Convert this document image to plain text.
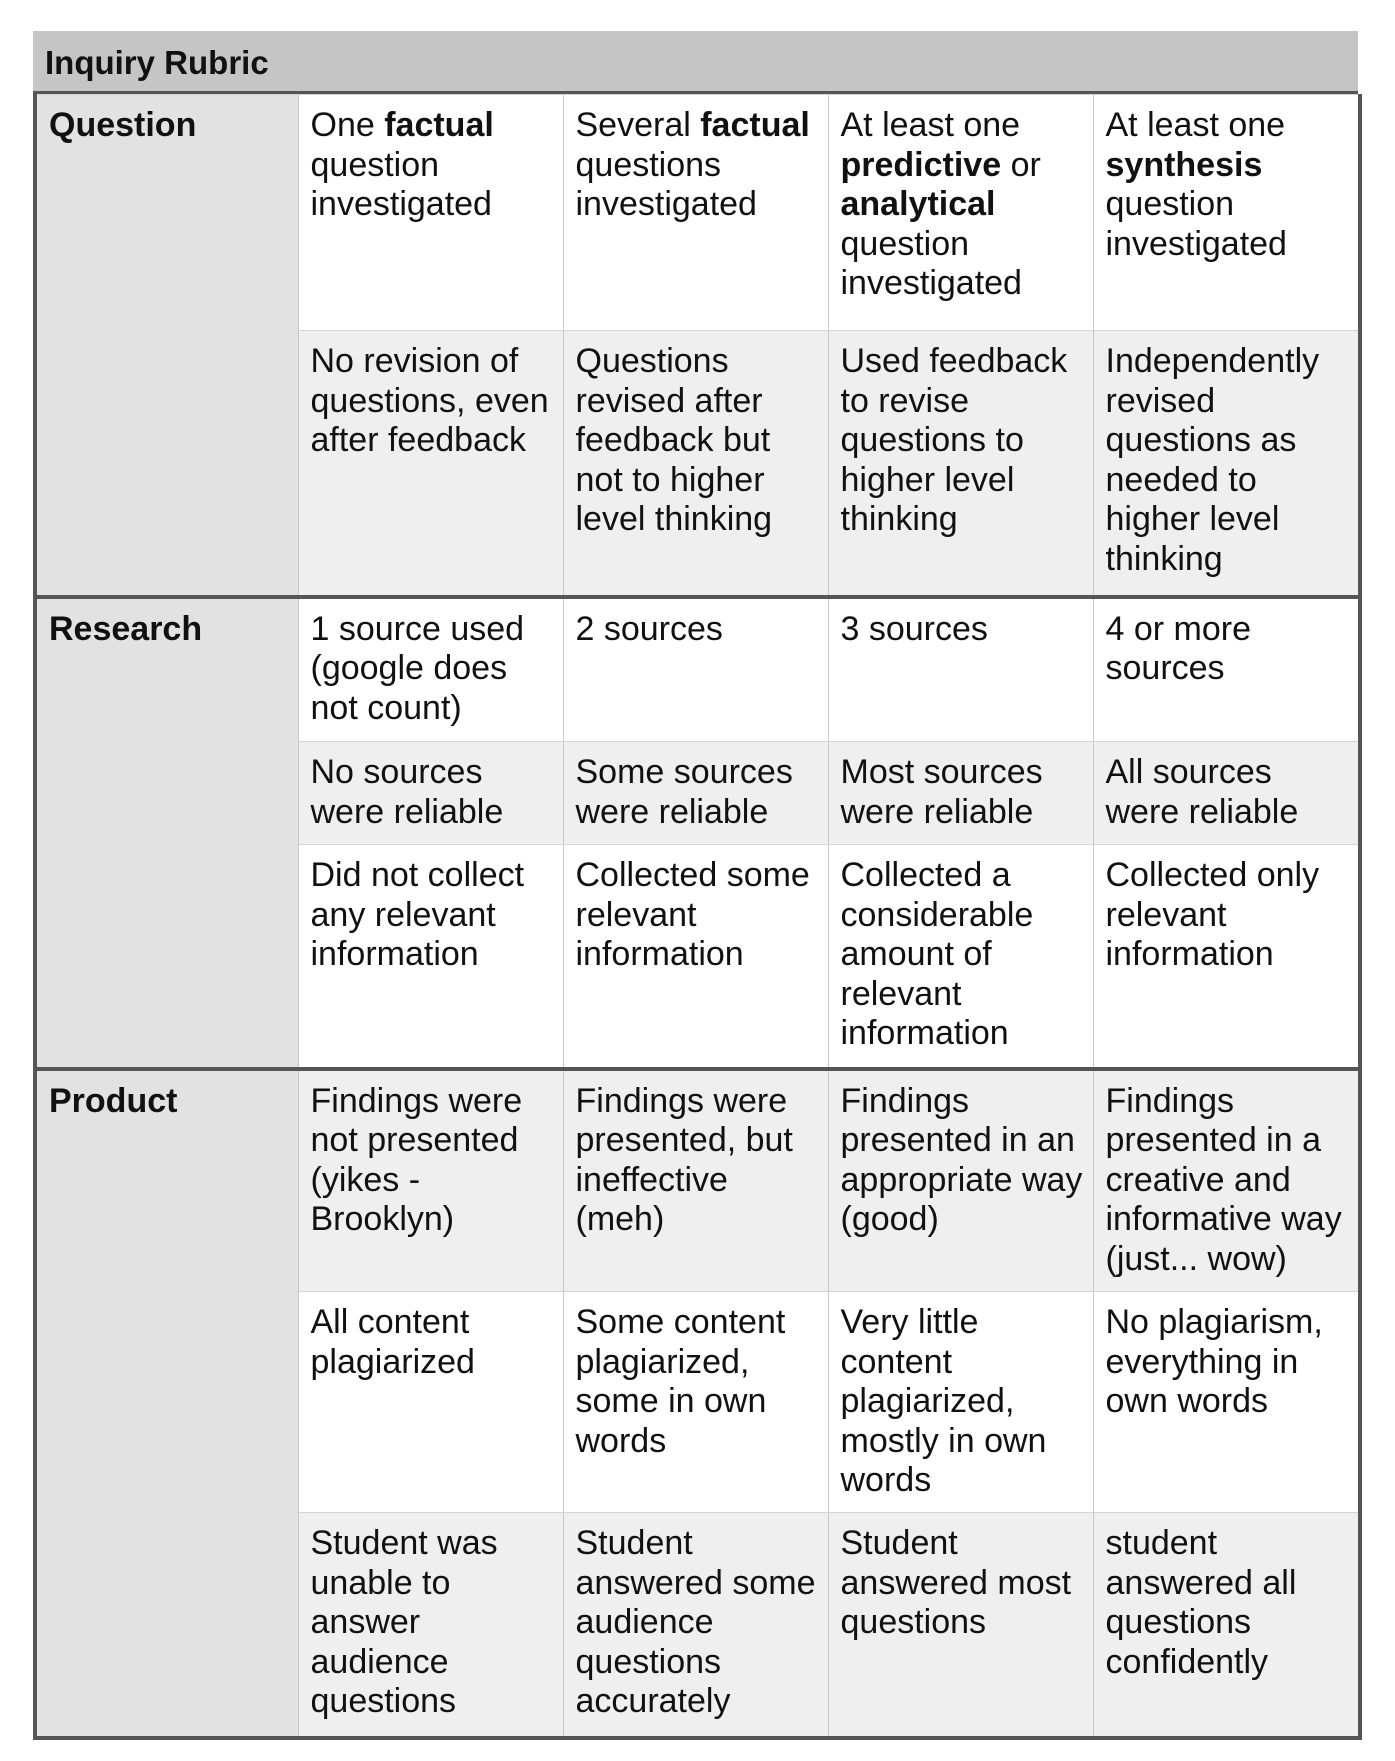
Inquiry Rubric
Question	One factual question investigated	Several factual questions investigated	At least one predictive or analytical question investigated	At least one synthesis question investigated
	No revision of questions, even after feedback	Questions revised after feedback but not to higher level thinking	Used feedback to revise questions to higher level thinking	Independently revised questions as needed to higher level thinking
Research	1 source used (google does not count)	2 sources	3 sources	4 or more sources
	No sources were reliable	Some sources were reliable	Most sources were reliable	All sources were reliable
	Did not collect any relevant information	Collected some relevant information	Collected a considerable amount of relevant information	Collected only relevant information
Product	Findings were not presented (yikes - Brooklyn)	Findings were presented, but ineffective (meh)	Findings presented in an appropriate way (good)	Findings presented in a creative and informative way (just... wow)
	All content plagiarized	Some content plagiarized, some in own words	Very little content plagiarized, mostly in own words	No plagiarism, everything in own words
	Student was unable to answer audience questions	Student answered some audience questions accurately	Student answered most questions	student answered all questions confidently
